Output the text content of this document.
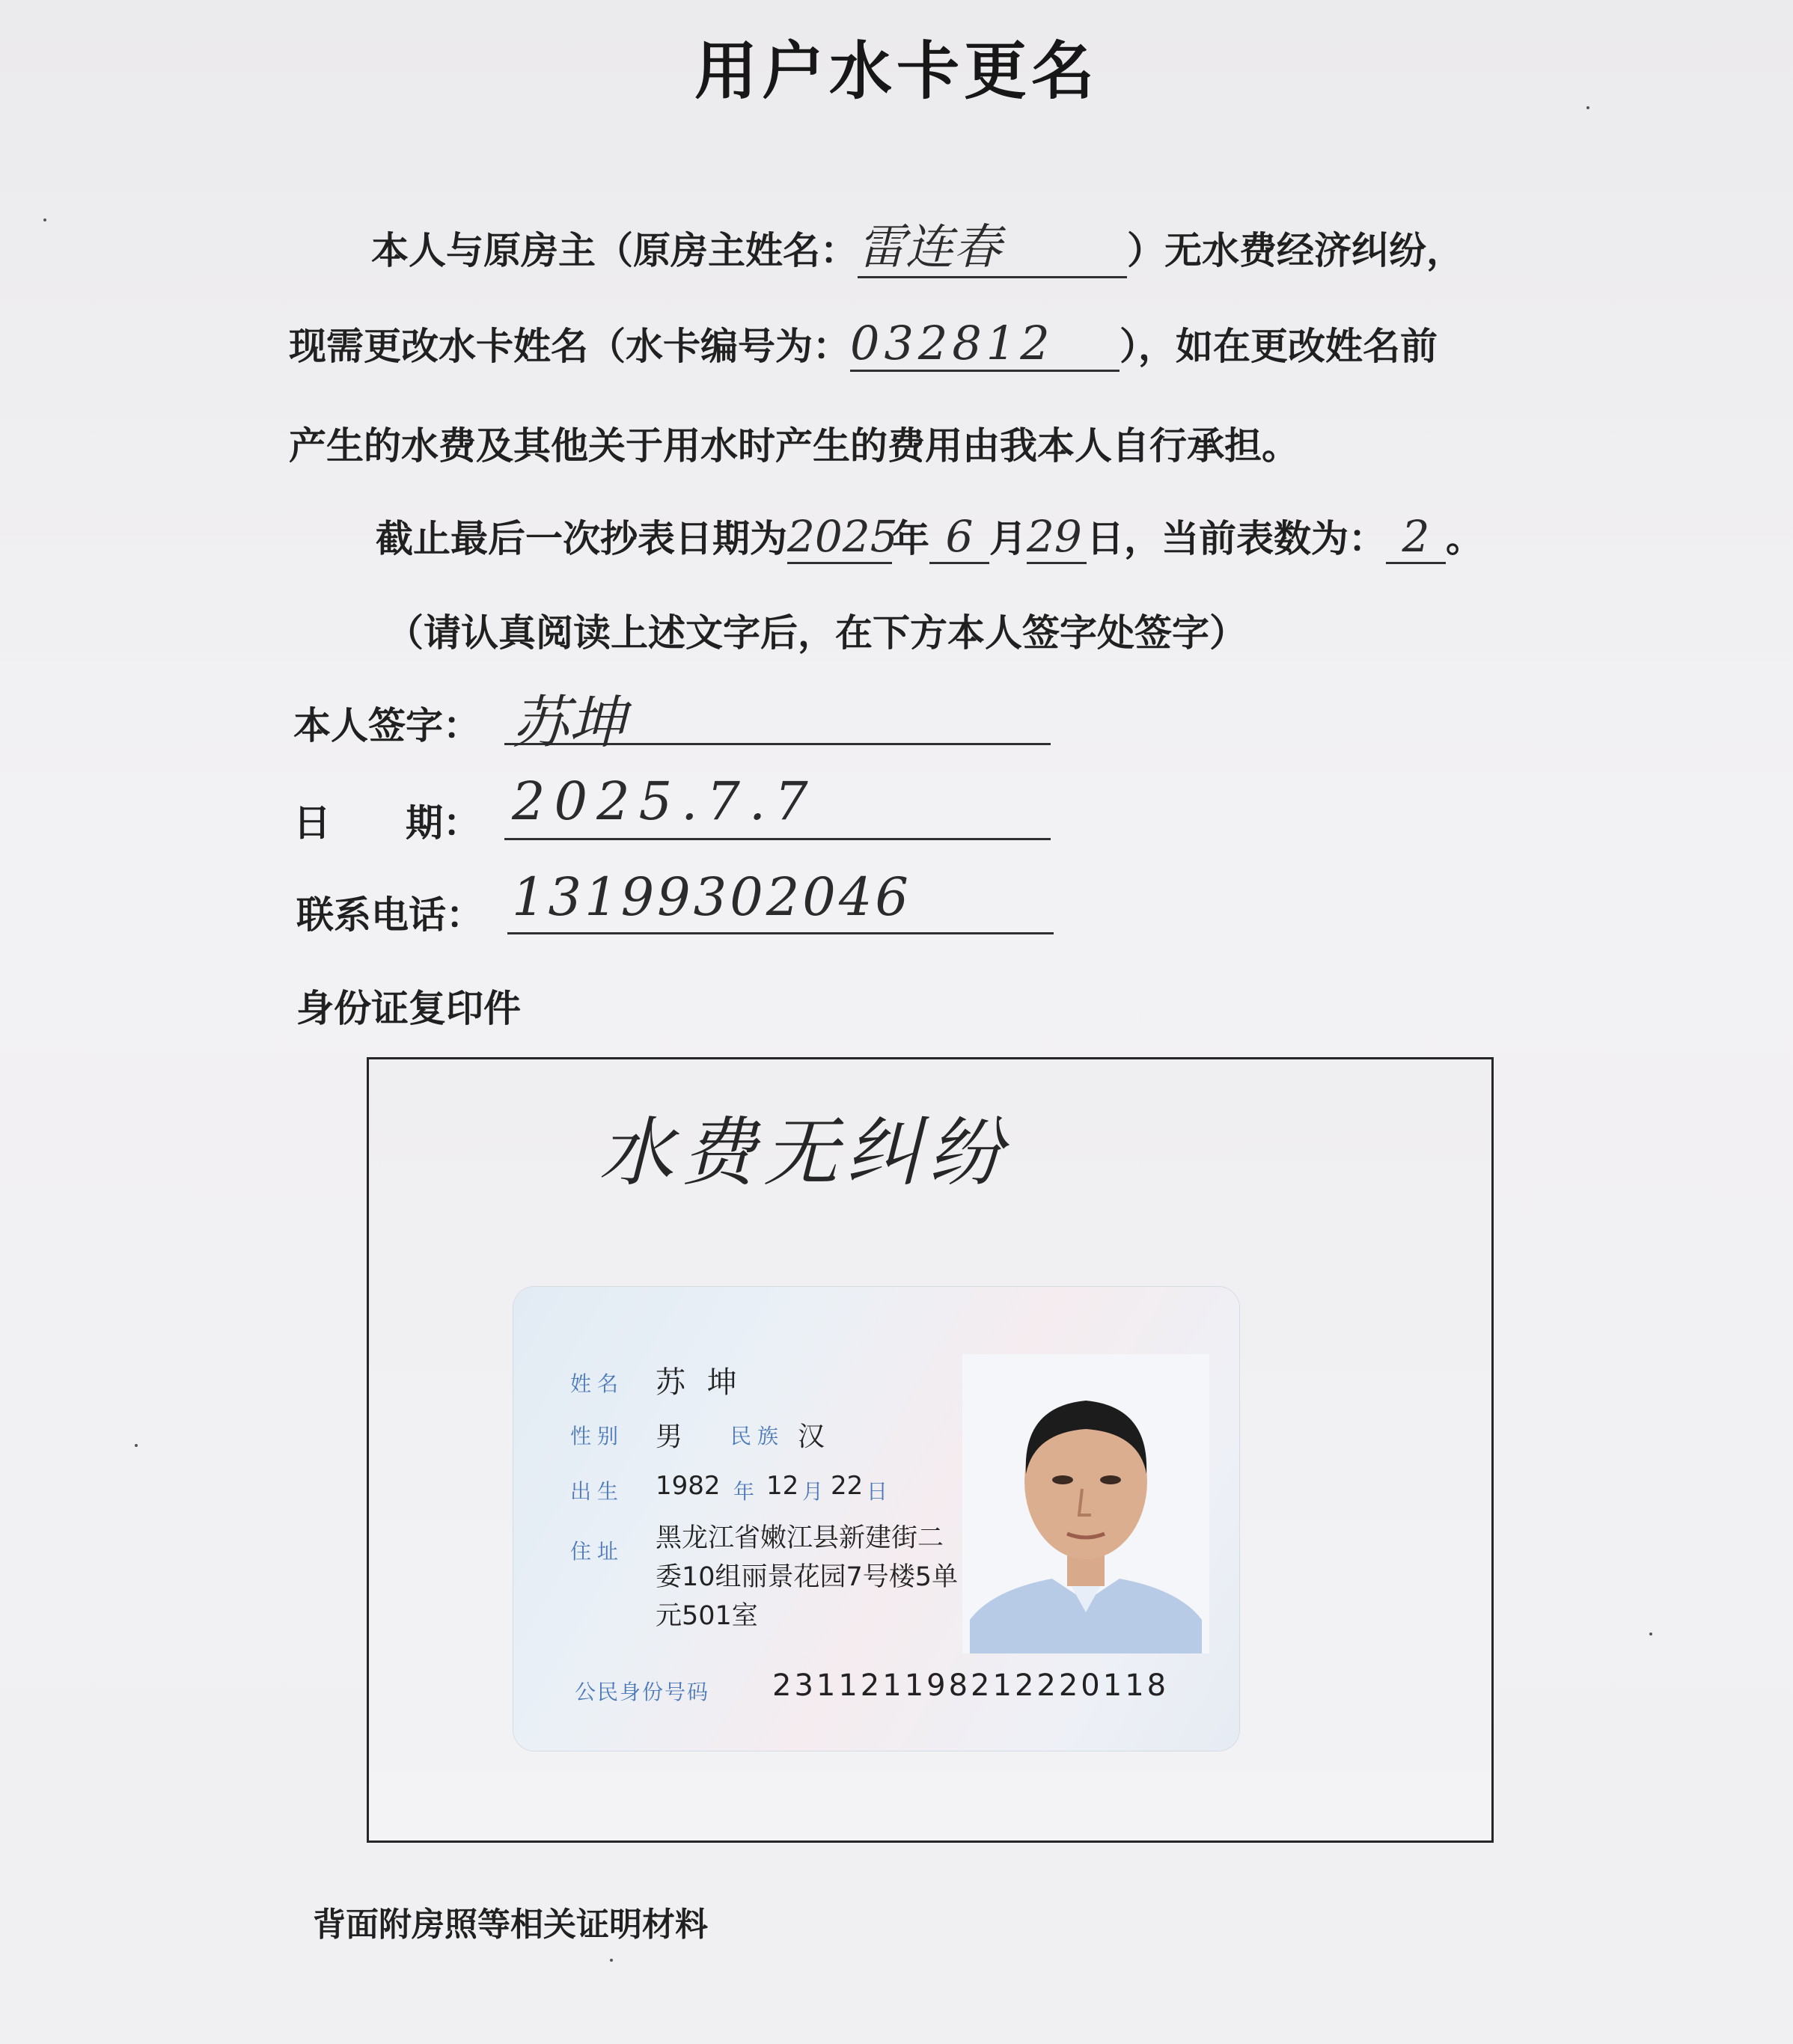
用户水卡更名
本人与原房主（原房主姓名：雷连春	）无水费经济纠纷，
现需更改水卡姓名（水卡编号为：032812 ），如在更改姓名前
产生的水费及其他关于用水时产生的费用由我本人自行承担。
截止最后一次抄表日期为2025年 6 月29 日，当前表数为： 2 。
（请认真阅读上述文字后，在下方本人签字处签字）
本人签字： 苏坤
日　　期： 2025.7.7
联系电话： 13199302046
身份证复印件
水费无纠纷
姓名 苏 坤
性别 男 民族 汉
出生 1982 年 12 月 22 日
住址 黑龙江省嫩江县新建街二
委10组丽景花园7号楼5单
元501室
公民身份号码 231121198212220118
背面附房照等相关证明材料
